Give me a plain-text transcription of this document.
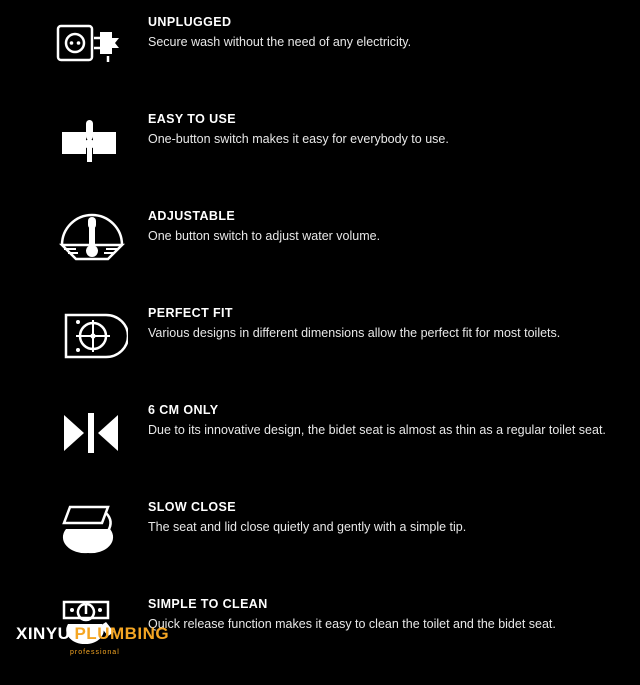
UNPLUGGED

Secure wash without the need of any electricity.

EASY TO USE

One-button switch makes it easy for everybody to use.

ADJUSTABLE

One button switch to adjust water volume.

PERFECT FIT

Various designs in different dimensions allow the perfect fit for most toilets.

6 CM ONLY

Due to its innovative design, the bidet seat is almost as thin as a regular toilet seat.

SLOW CLOSE

The seat and lid close quietly and gently with a simple tip.

SIMPLE TO CLEAN

Quick release function makes it easy to clean the toilet and the bidet seat.

XINYU PLUMBING
professional
